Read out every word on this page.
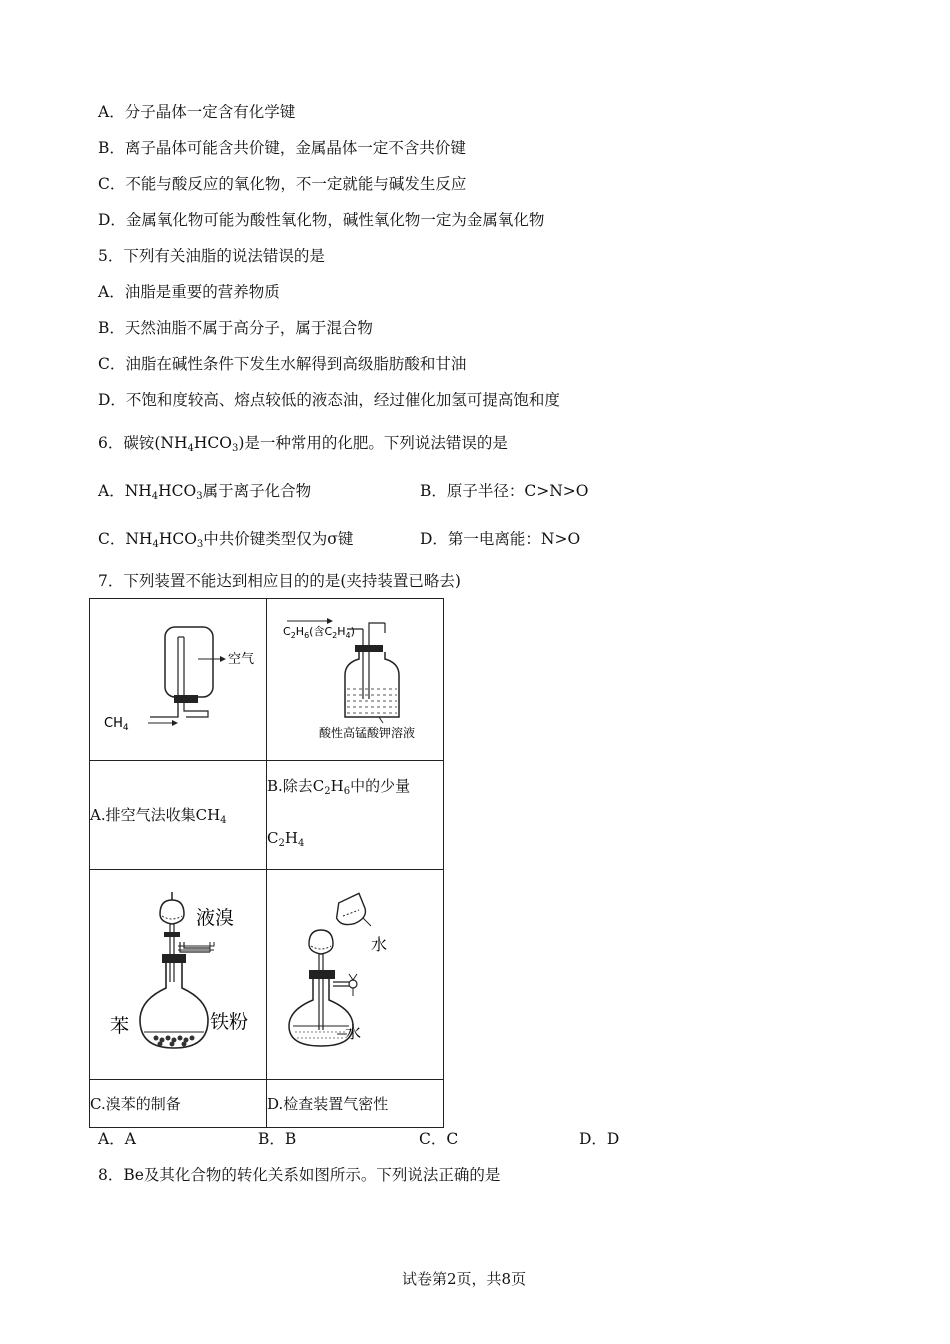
A．分子晶体一定含有化学键
B．离子晶体可能含共价键，金属晶体一定不含共价键
C．不能与酸反应的氧化物，不一定就能与碱发生反应
D．金属氧化物可能为酸性氧化物，碱性氧化物一定为金属氧化物
5．下列有关油脂的说法错误的是
A．油脂是重要的营养物质
B．天然油脂不属于高分子，属于混合物
C．油脂在碱性条件下发生水解得到高级脂肪酸和甘油
D．不饱和度较高、熔点较低的液态油，经过催化加氢可提高饱和度
6．碳铵$(NH_4HCO_3)$是一种常用的化肥。下列说法错误的是
A．$NH_4HCO_3$属于离子化合物	B．原子半径：C>N>O
C．$NH_4HCO_3$中共价键类型仅为σ键	D．第一电离能：N>O
7．下列装置不能达到相应目的的是(夹持装置已略去)
空气
$CH_4$	$C_2H_6$(含$C_2H_4$)
酸性高锰酸钾溶液

A.排空气法收集$CH_4$	B.除去$C_2H_6$中的少量
$C_2H_4$

液溴
苯 铁粉	水
水

C.溴苯的制备	D.检查装置气密性
A．A	B．B	C．C	D．D
8．Be及其化合物的转化关系如图所示。下列说法正确的是
试卷第2页，共8页
